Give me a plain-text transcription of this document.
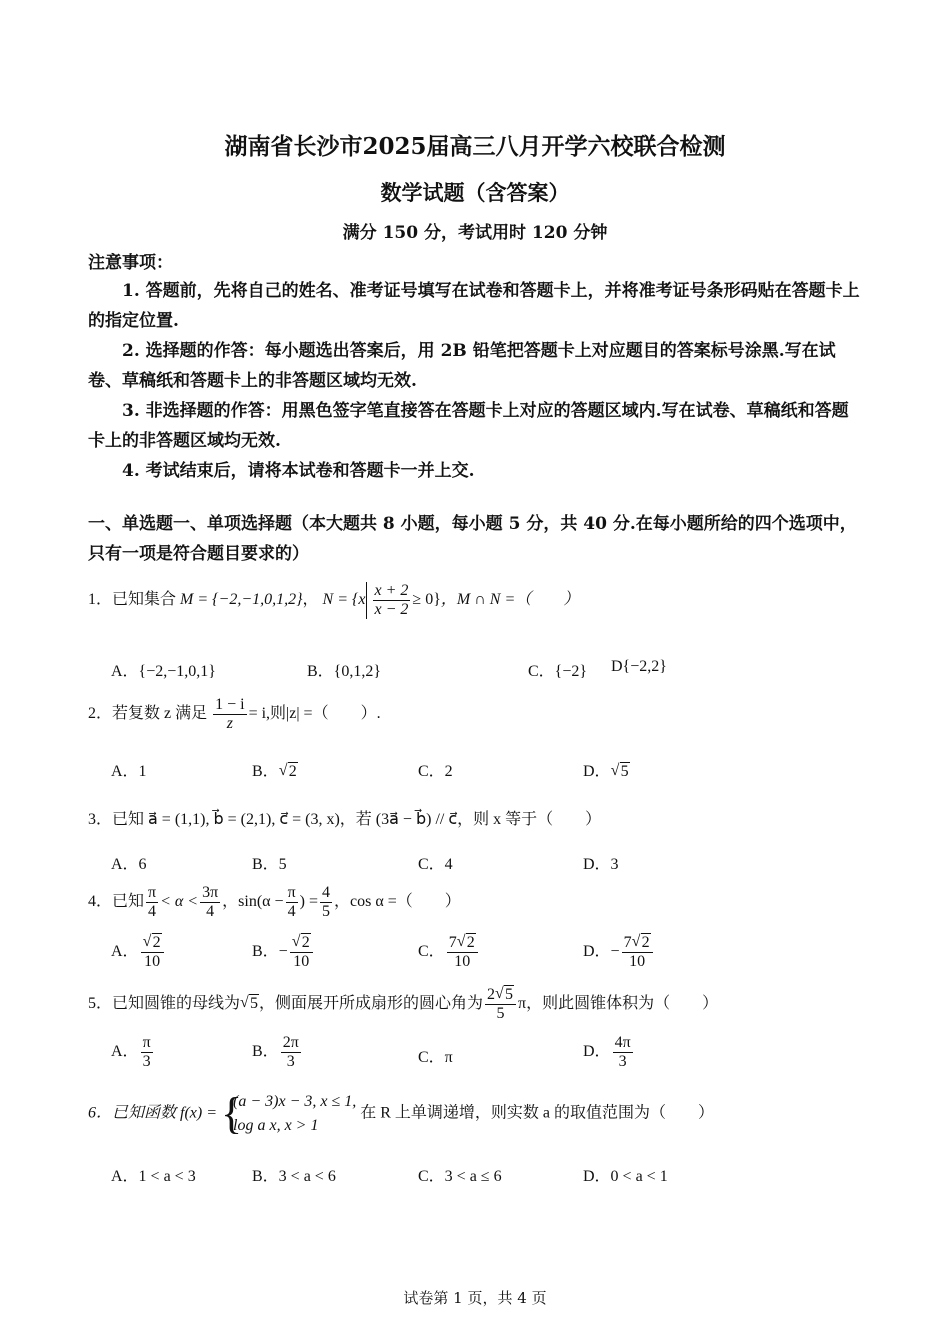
湖南省长沙市2025届高三八月开学六校联合检测
数学试题（含答案）
满分 150 分，考试用时 120 分钟
注意事项：
1. 答题前，先将自己的姓名、准考证号填写在试卷和答题卡上，并将准考证号条形码贴在答题卡上的指定位置.
2. 选择题的作答：每小题选出答案后，用 2B 铅笔把答题卡上对应题目的答案标号涂黑.写在试卷、草稿纸和答题卡上的非答题区域均无效.
3. 非选择题的作答：用黑色签字笔直接答在答题卡上对应的答题区域内.写在试卷、草稿纸和答题卡上的非答题区域均无效.
4. 考试结束后，请将本试卷和答题卡一并上交.
一、单选题一、单项选择题（本大题共 8 小题，每小题 5 分，共 40 分.在每小题所给的四个选项中，只有一项是符合题目要求的）
1．已知集合 M = {−2,−1,0,1,2}， $N = \{x \frac{x + 2}{x - 2} \ge 0\}$，M ∩ N =（　　）
A．{−2,−1,0,1}	B．{0,1,2}	C．{−2} D{−2,2}
2．若复数 z 满足 $\frac{1 - i}{z} = i$,则|z| =（　　）.
A．1	B． √ 2	C．2	D． √ 5
3．已知 a⃗ = (1,1), b⃗ = (2,1), c⃗ = (3, x)，若 (3a⃗ − b⃗) // c⃗，则 x 等于（　　）
A．6	B．5	C．4	D．3
4．已知 $\frac{\pi}{4} < \alpha < \frac{3\pi}{4}$ ，$\sin(\alpha - \frac{\pi}{4}$ ) = $\frac{4}{5}$ ，cos α =（　　）
A． √ $\frac{2}{10}$	B．− √ $\frac{2}{10}$	C． $\frac{7 √ 2}{10}$	D．− $\frac{7 √ 2}{10}$
5．已知圆锥的母线为 √ 5，侧面展开所成扇形的圆心角为 $\frac{2 √ 5}{5}$ π，则此圆锥体积为（　　）
A． $\frac{\pi}{3}$	B． $\frac{2\pi}{3}$	C．π	D． $\frac{4\pi}{3}$
6．已知函数 f(x) =
{ (a − 3)x − 3, x ≤ 1,
log a x, x > 1
在 R 上单调递增，则实数 a 的取值范围为（　　）
A．1 < a < 3	B．3 < a < 6	C．3 < a ≤ 6	D．0 < a < 1
试卷第 1 页，共 4 页
